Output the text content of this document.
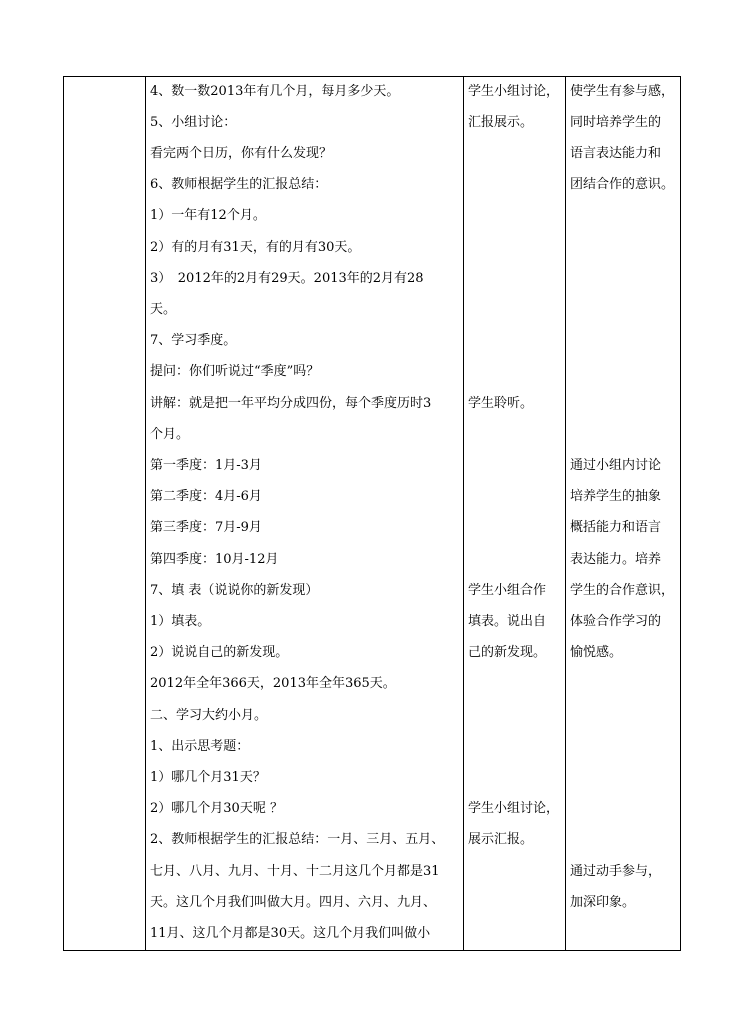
4、数一数2013年有几个月，每月多少天。
5、小组讨论：
看完两个日历，你有什么发现？
6、教师根据学生的汇报总结：
1）一年有12个月。
2）有的月有31天，有的月有30天。
3）　2012年的2月有29天。2013年的2月有28
天。
7、学习季度。
提问：你们听说过“季度”吗？
讲解：就是把一年平均分成四份，每个季度历时3
个月。
第一季度：1月-3月
第二季度：4月-6月
第三季度：7月-9月
第四季度：10月-12月
7、填 表（说说你的新发现）
1）填表。
2）说说自己的新发现。
2012年全年366天，2013年全年365天。
二、学习大约小月。
1、出示思考题：
1）哪几个月31天？
2）哪几个月30天呢 ？
2、教师根据学生的汇报总结：一月、三月、五月、
七月、八月、九月、十月、十二月这几个月都是31
天。这几个月我们叫做大月。四月、六月、九月、
11月、这几个月都是30天。这几个月我们叫做小
学生小组讨论，
汇报展示。
学生聆听。
学生小组合作
填表。说出自
己的新发现。
学生小组讨论，
展示汇报。
使学生有参与感，
同时培养学生的
语言表达能力和
团结合作的意识。
通过小组内讨论
培养学生的抽象
概括能力和语言
表达能力。培养
学生的合作意识，
体验合作学习的
愉悦感。
通过动手参与，
加深印象。
